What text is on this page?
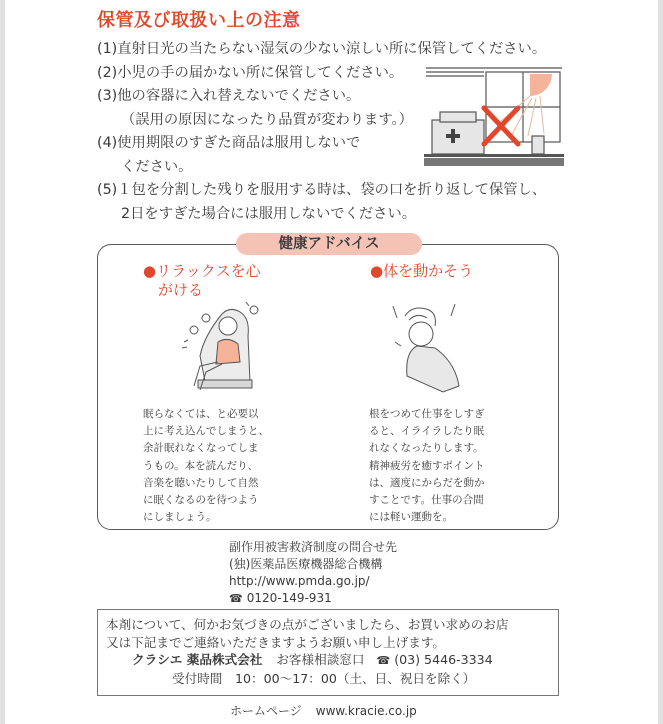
保管及び取扱い上の注意
(1)直射日光の当たらない湿気の少ない涼しい所に保管してください。
(2)小児の手の届かない所に保管してください。
(3)他の容器に入れ替えないでください。
（誤用の原因になったり品質が変わります。）
(4)使用期限のすぎた商品は服用しないで
ください。
(5)１包を分割した残りを服用する時は、袋の口を折り返して保管し、
2日をすぎた場合には服用しないでください。
健康アドバイス
●リラックスを心
がける
●体を動かそう
眠らなくては、と必要以
上に考え込んでしまうと、
余計眠れなくなってしま
うもの。本を読んだり、
音楽を聴いたりして自然
に眠くなるのを待つよう
にしましょう。
根をつめて仕事をしすぎ
ると、イライラしたり眠
れなくなったりします。
精神疲労を癒すポイント
は、適度にからだを動か
すことです。仕事の合間
には軽い運動を。
副作用被害救済制度の問合せ先
(独)医薬品医療機器総合機構
http://www.pmda.go.jp/
☎ 0120-149-931
本剤について、何かお気づきの点がございましたら、お買い求めのお店
又は下記までご連絡いただきますようお願い申し上げます。
クラシエ 薬品株式会社 お客様相談窓口 ☎ (03) 5446-3334
受付時間　10：00〜17：00（土、日、祝日を除く）
ホームページ www.kracie.co.jp
